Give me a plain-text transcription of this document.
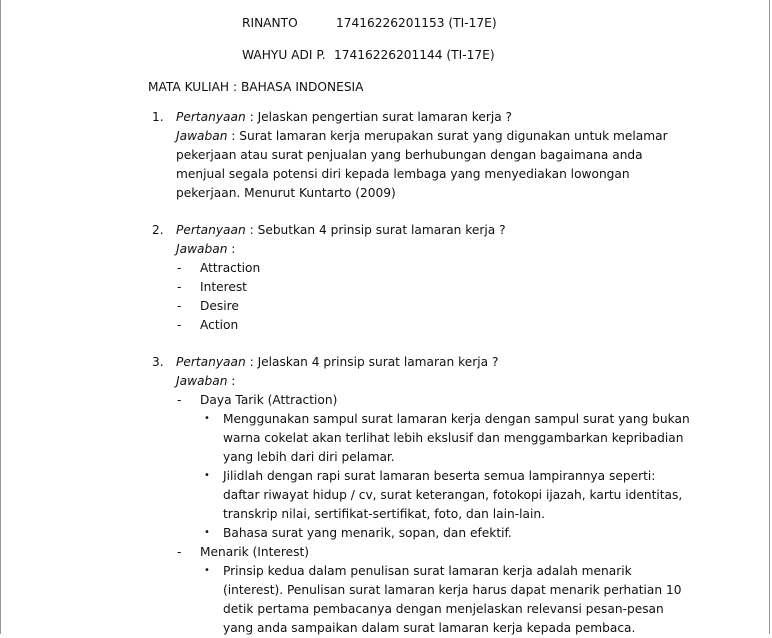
RINANTO	17416226201153 (TI-17E)
WAHYU ADI P. 17416226201144 (TI-17E)
MATA KULIAH : BAHASA INDONESIA
1. Pertanyaan : Jelaskan pengertian surat lamaran kerja ?
Jawaban : Surat lamaran kerja merupakan surat yang digunakan untuk melamar
pekerjaan atau surat penjualan yang berhubungan dengan bagaimana anda
menjual segala potensi diri kepada lembaga yang menyediakan lowongan
pekerjaan. Menurut Kuntarto (2009)
2. Pertanyaan : Sebutkan 4 prinsip surat lamaran kerja ?
Jawaban :
- Attraction
- Interest
- Desire
- Action
3. Pertanyaan : Jelaskan 4 prinsip surat lamaran kerja ?
Jawaban :
- Daya Tarik (Attraction)
• Menggunakan sampul surat lamaran kerja dengan sampul surat yang bukan
warna cokelat akan terlihat lebih ekslusif dan menggambarkan kepribadian
yang lebih dari diri pelamar.
• Jilidlah dengan rapi surat lamaran beserta semua lampirannya seperti:
daftar riwayat hidup / cv, surat keterangan, fotokopi ijazah, kartu identitas,
transkrip nilai, sertifikat-sertifikat, foto, dan lain-lain.
• Bahasa surat yang menarik, sopan, dan efektif.
- Menarik (Interest)
• Prinsip kedua dalam penulisan surat lamaran kerja adalah menarik
(interest). Penulisan surat lamaran kerja harus dapat menarik perhatian 10
detik pertama pembacanya dengan menjelaskan relevansi pesan-pesan
yang anda sampaikan dalam surat lamaran kerja kepada pembaca.
